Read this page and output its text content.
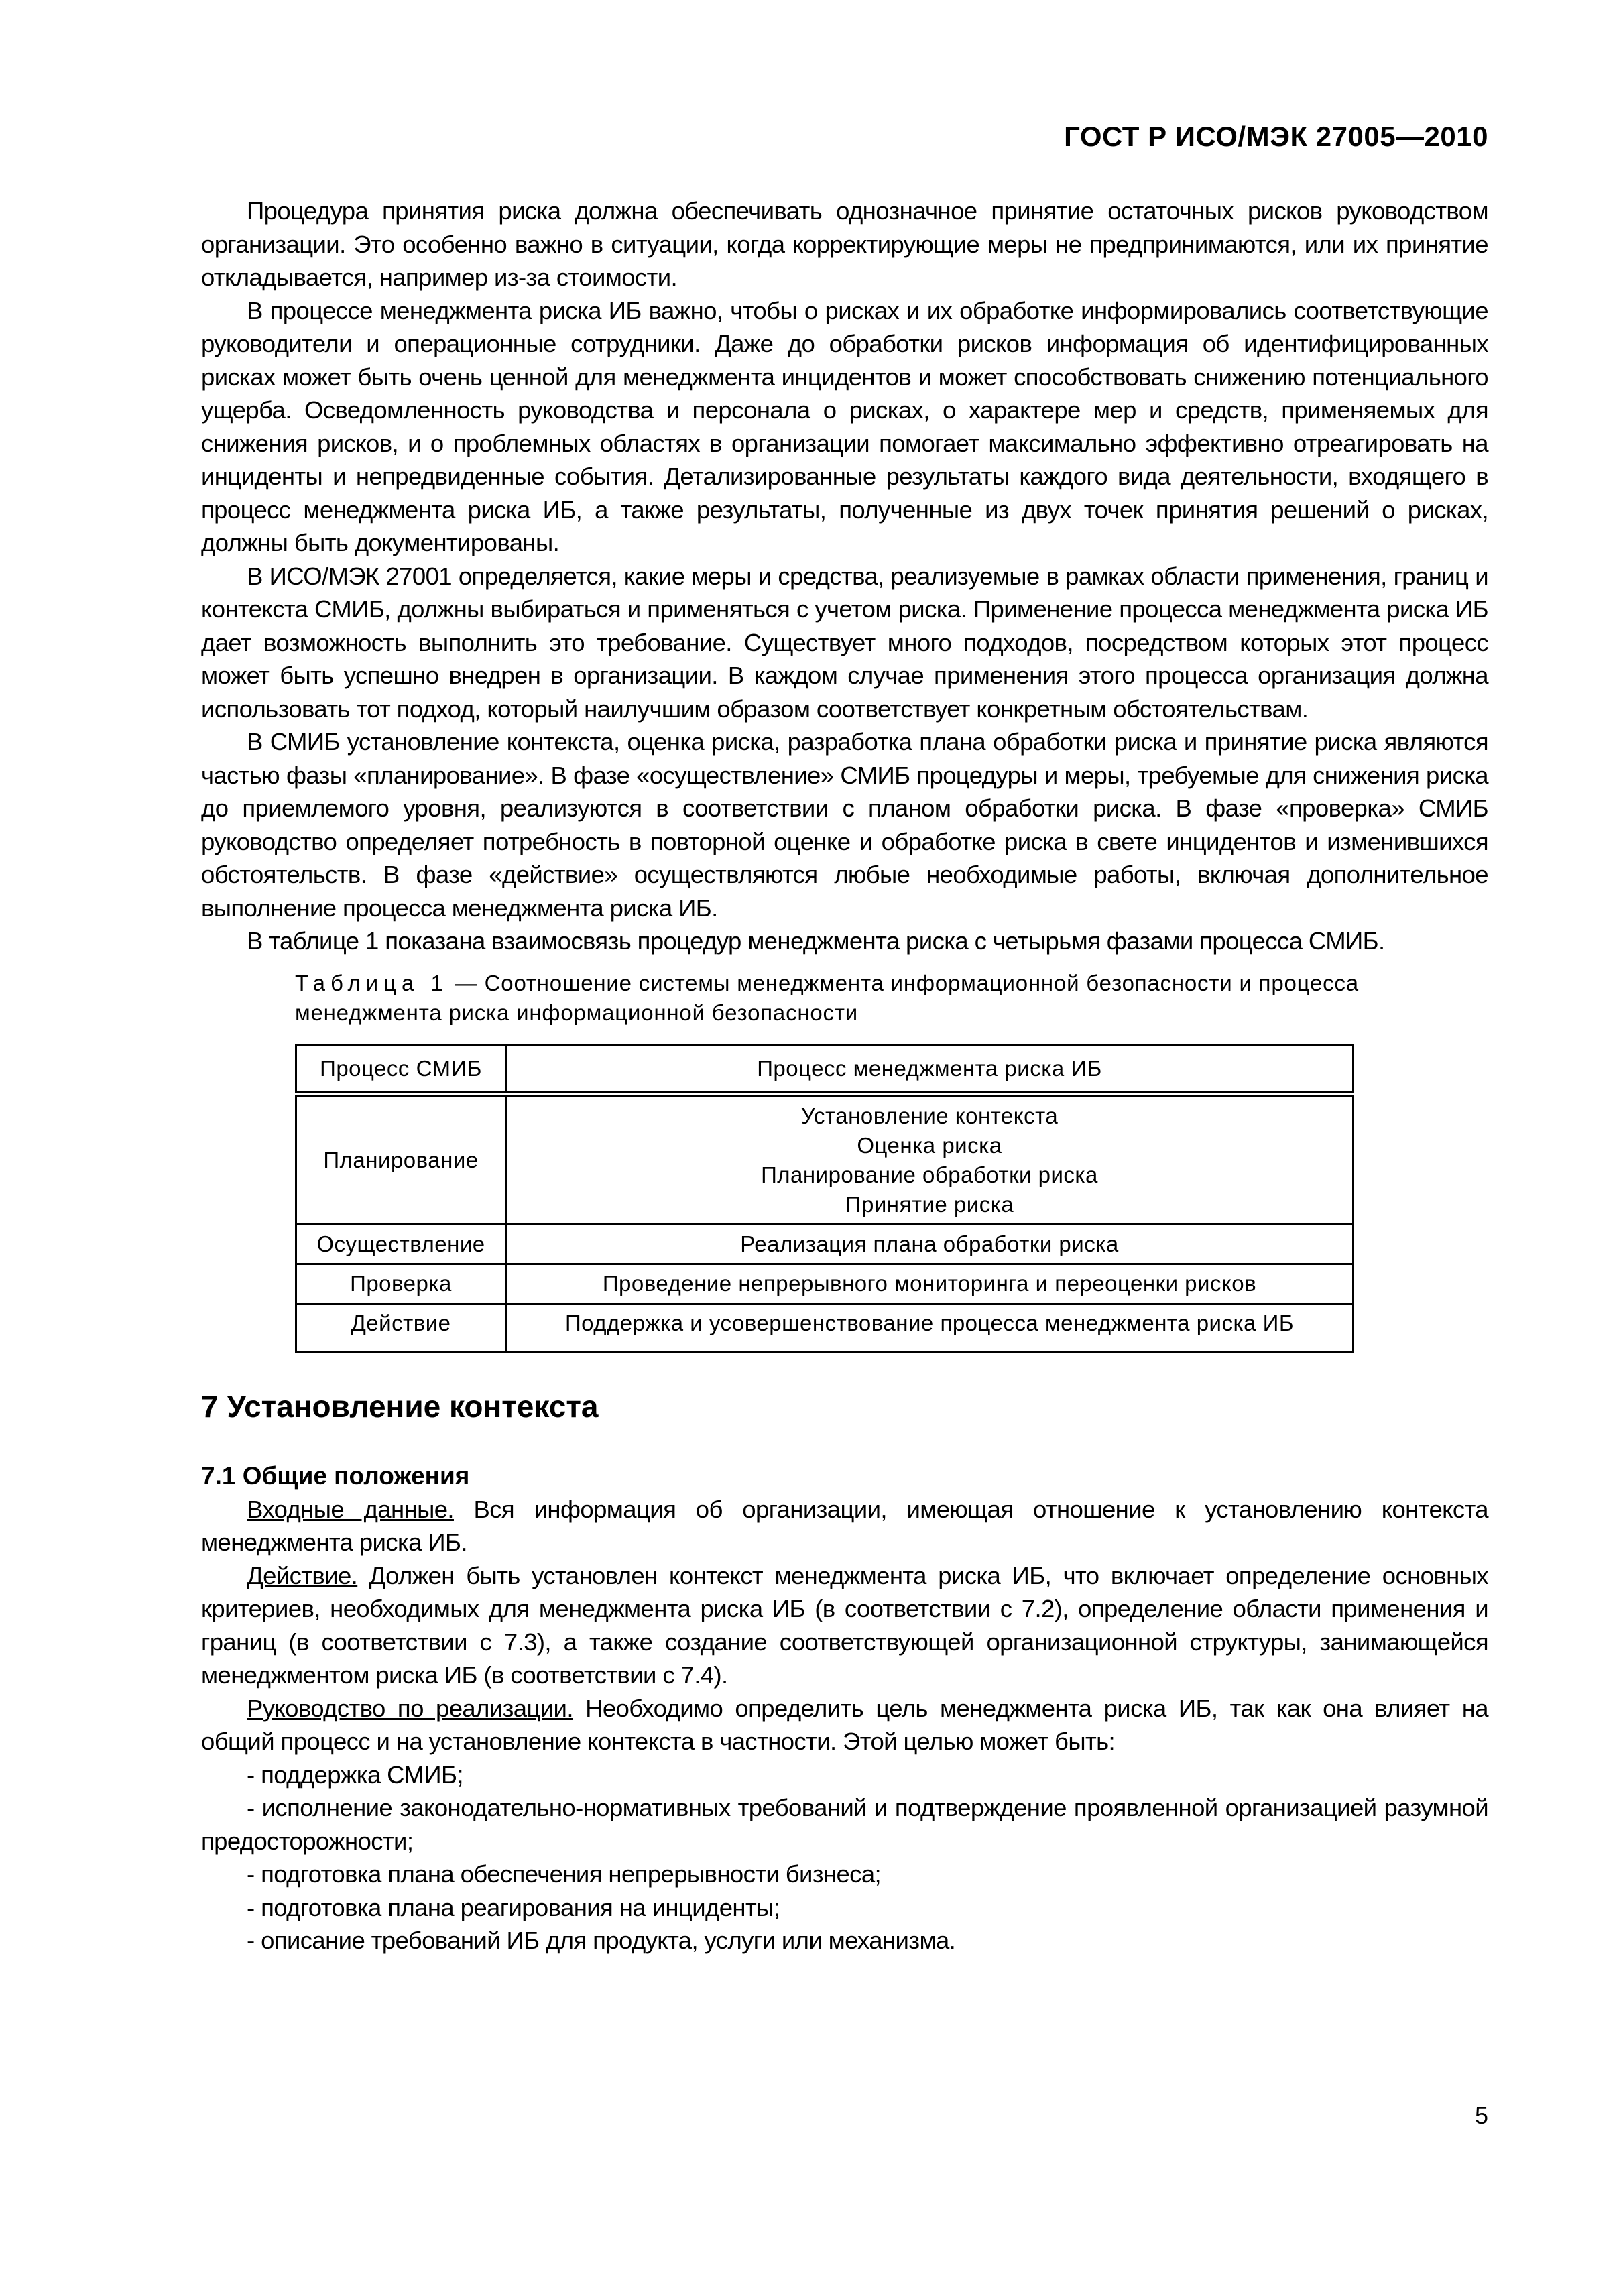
ГОСТ Р ИСО/МЭК 27005—2010

Процедура принятия риска должна обеспечивать однозначное принятие остаточных рисков руководством организации. Это особенно важно в ситуации, когда корректирующие меры не предпринимаются, или их принятие откладывается, например из-за стоимости.

В процессе менеджмента риска ИБ важно, чтобы о рисках и их обработке информировались соответствующие руководители и операционные сотрудники. Даже до обработки рисков информация об идентифицированных рисках может быть очень ценной для менеджмента инцидентов и может способствовать снижению потенциального ущерба. Осведомленность руководства и персонала о рисках, о характере мер и средств, применяемых для снижения рисков, и о проблемных областях в организации помогает максимально эффективно отреагировать на инциденты и непредвиденные события. Детализированные результаты каждого вида деятельности, входящего в процесс менеджмента риска ИБ, а также результаты, полученные из двух точек принятия решений о рисках, должны быть документированы.

В ИСО/МЭК 27001 определяется, какие меры и средства, реализуемые в рамках области применения, границ и контекста СМИБ, должны выбираться и применяться с учетом риска. Применение процесса менеджмента риска ИБ дает возможность выполнить это требование. Существует много подходов, посредством которых этот процесс может быть успешно внедрен в организации. В каждом случае применения этого процесса организация должна использовать тот подход, который наилучшим образом соответствует конкретным обстоятельствам.

В СМИБ установление контекста, оценка риска, разработка плана обработки риска и принятие риска являются частью фазы «планирование». В фазе «осуществление» СМИБ процедуры и меры, требуемые для снижения риска до приемлемого уровня, реализуются в соответствии с планом обработки риска. В фазе «проверка» СМИБ руководство определяет потребность в повторной оценке и обработке риска в свете инцидентов и изменившихся обстоятельств. В фазе «действие» осуществляются любые необходимые работы, включая дополнительное выполнение процесса менеджмента риска ИБ.

В таблице 1 показана взаимосвязь процедур менеджмента риска с четырьмя фазами процесса СМИБ.

Таблица 1 — Соотношение системы менеджмента информационной безопасности и процесса менеджмента риска информационной безопасности
Процесс СМИБ	Процесс менеджмента риска ИБ
Планирование	Установление контекста
Оценка риска
Планирование обработки риска
Принятие риска

Осуществление	Реализация плана обработки риска
Проверка	Проведение непрерывного мониторинга и переоценки рисков
Действие	Поддержка и усовершенствование процесса менеджмента риска ИБ
7 Установление контекста
7.1 Общие положения

Входные данные. Вся информация об организации, имеющая отношение к установлению контекста менеджмента риска ИБ.

Действие. Должен быть установлен контекст менеджмента риска ИБ, что включает определение основных критериев, необходимых для менеджмента риска ИБ (в соответствии с 7.2), определение области применения и границ (в соответствии с 7.3), а также создание соответствующей организационной структуры, занимающейся менеджментом риска ИБ (в соответствии с 7.4).

Руководство по реализации. Необходимо определить цель менеджмента риска ИБ, так как она влияет на общий процесс и на установление контекста в частности. Этой целью может быть:

- поддержка СМИБ;

- исполнение законодательно-нормативных требований и подтверждение проявленной организацией разумной предосторожности;

- подготовка плана обеспечения непрерывности бизнеса;

- подготовка плана реагирования на инциденты;

- описание требований ИБ для продукта, услуги или механизма.

5
